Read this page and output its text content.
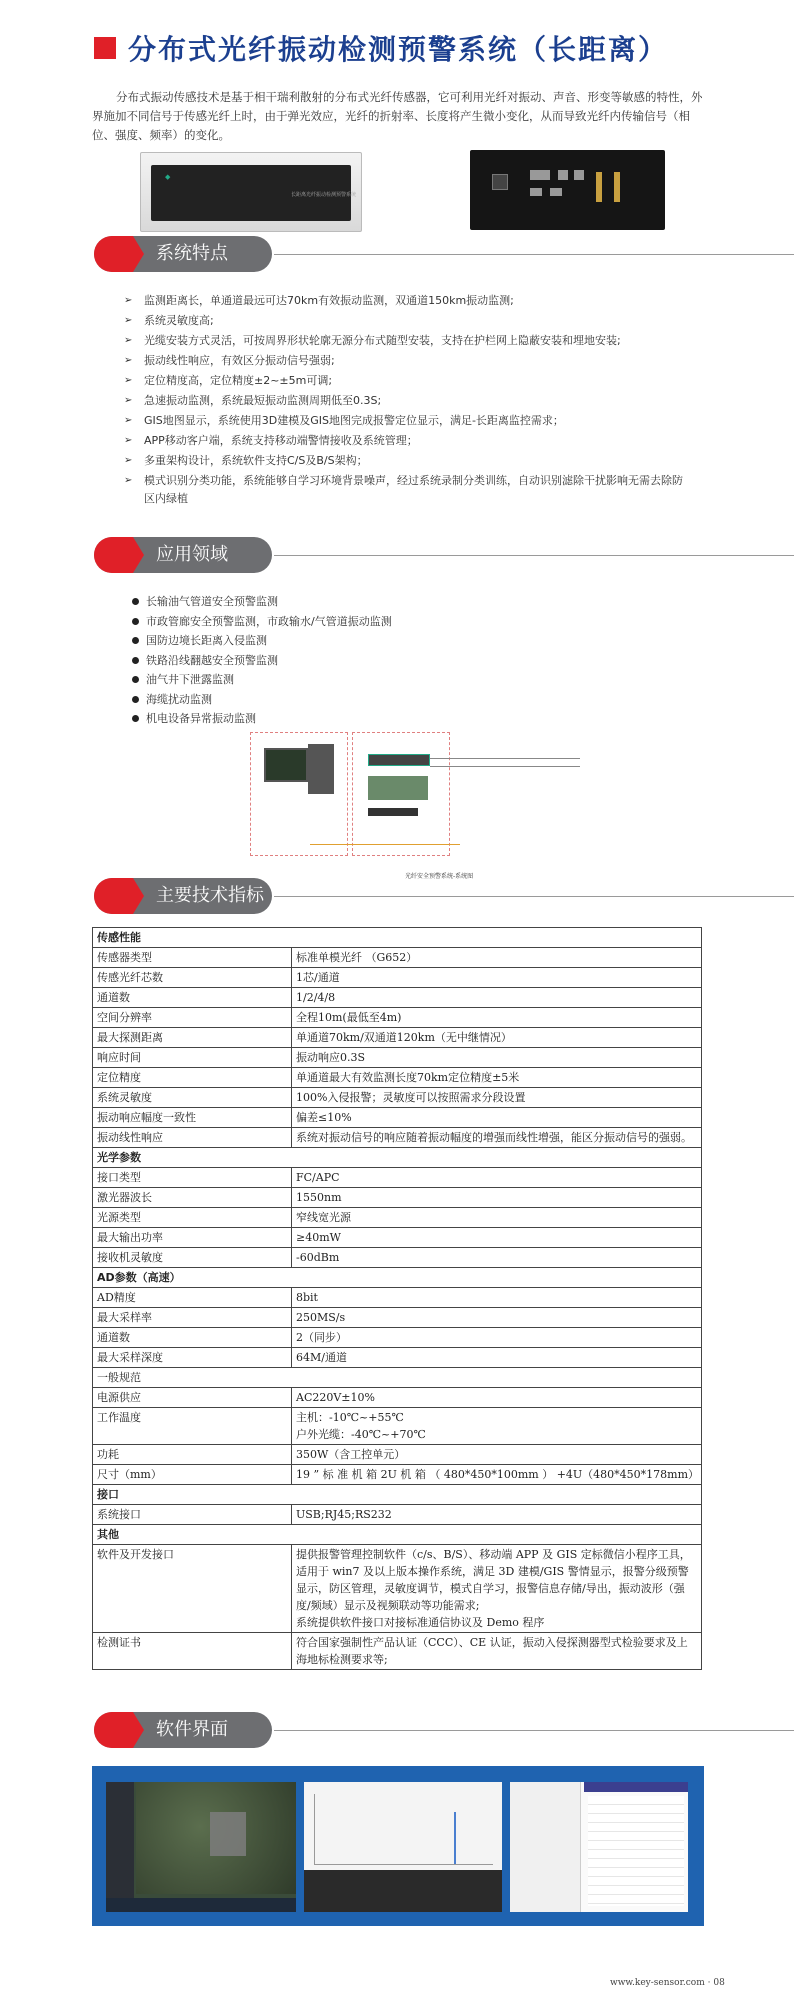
分布式光纤振动检测预警系统（长距离）
分布式振动传感技术是基于相干瑞利散射的分布式光纤传感器，它可利用光纤对振动、声音、形变等敏感的特性，外界施加不同信号于传感光纤上时，由于弹光效应，光纤的折射率、长度将产生微小变化，从而导致光纤内传输信号（相位、强度、频率）的变化。
◆
长距离光纤振动检测预警系统
系统特点
➢ 监测距离长，单通道最远可达70km有效振动监测，双通道150km振动监测;
➢ 系统灵敏度高;
➢ 光缆安装方式灵活，可按周界形状轮廓无源分布式随型安装，支持在护栏网上隐蔽安装和埋地安装;
➢ 振动线性响应，有效区分振动信号强弱;
➢ 定位精度高，定位精度±2~±5m可调;
➢ 急速振动监测，系统最短振动监测周期低至0.3S;
➢ GIS地图显示，系统使用3D建模及GIS地图完成报警定位显示，满足-长距离监控需求；
➢ APP移动客户端，系统支持移动端警情接收及系统管理；
➢ 多重架构设计，系统软件支持C/S及B/S架构；
➢ 模式识别分类功能，系统能够自学习环境背景噪声，经过系统录制分类训练，自动识别滤除干扰影响无需去除防区内绿植
应用领域
长输油气管道安全预警监测
市政管廊安全预警监测，市政输水/气管道振动监测
国防边境长距离入侵监测
铁路沿线翻越安全预警监测
油气井下泄露监测
海缆扰动监测
机电设备异常振动监测
光纤安全预警系统-系统图
主要技术指标
传感性能	
传感器类型	标准单模光纤 （G652）
传感光纤芯数	1芯/通道
通道数	1/2/4/8
空间分辨率	全程10m(最低至4m)
最大探测距离	单通道70km/双通道120km（无中继情况）
响应时间	振动响应0.3S
定位精度	单通道最大有效监测长度70km定位精度±5米
系统灵敏度	100%入侵报警；灵敏度可以按照需求分段设置
振动响应幅度一致性	偏差≤10%
振动线性响应	系统对振动信号的响应随着振动幅度的增强而线性增强，能区分振动信号的强弱。
光学参数	
接口类型	FC/APC
激光器波长	1550nm
光源类型	窄线宽光源
最大输出功率	≥40mW
接收机灵敏度	-60dBm
AD参数（高速）	
AD精度	8bit
最大采样率	250MS/s
通道数	2（同步）
最大采样深度	64M/通道
一般规范	
电源供应	AC220V±10%
工作温度	主机：-10℃~+55℃
户外光缆：-40℃~+70℃
功耗	350W（含工控单元）
尺寸（mm）	19 ” 标 准 机 箱 2U 机 箱 （ 480*450*100mm ） +4U（480*450*178mm）
接口	
系统接口	USB;RJ45;RS232
其他	
软件及开发接口	提供报警管理控制软件（c/s、B/S）、移动端 APP 及 GIS 定标微信小程序工具，适用于 win7 及以上版本操作系统，满足 3D 建模/GIS 警情显示，报警分级预警显示，防区管理，灵敏度调节，模式自学习，报警信息存储/导出，振动波形（强度/频域）显示及视频联动等功能需求;
系统提供软件接口对接标准通信协议及 Demo 程序
检测证书	符合国家强制性产品认证（CCC）、CE 认证，振动入侵探测器型式检验要求及上海地标检测要求等;
软件界面
www.key-sensor.com · 08
